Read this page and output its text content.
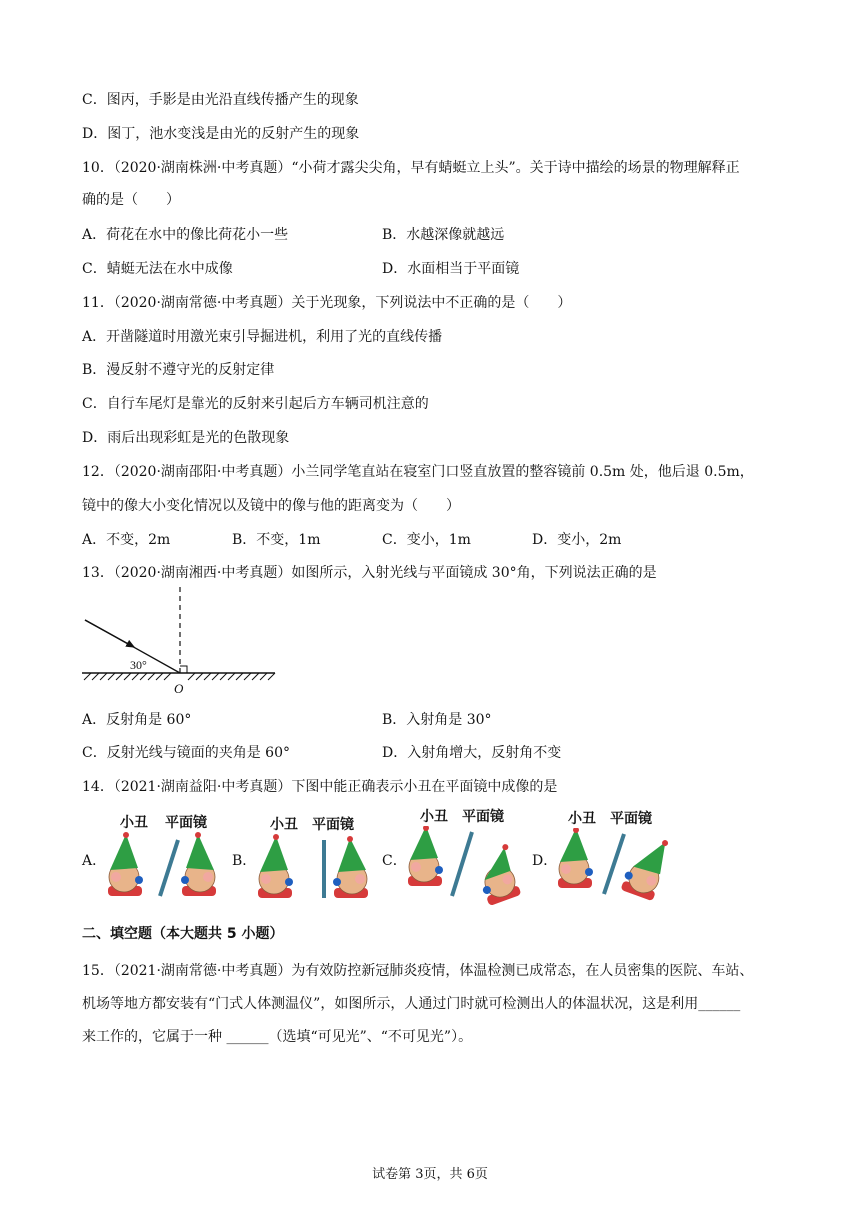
C．图丙，手影是由光沿直线传播产生的现象
D．图丁，池水变浅是由光的反射产生的现象
10．（2020·湖南株洲·中考真题）“小荷才露尖尖角，早有蜻蜓立上头”。关于诗中描绘的场景的物理解释正
确的是（　　）
A．荷花在水中的像比荷花小一些	B．水越深像就越远
C．蜻蜓无法在水中成像	D．水面相当于平面镜
11．（2020·湖南常德·中考真题）关于光现象，下列说法中不正确的是（　　）
A．开凿隧道时用激光束引导掘进机，利用了光的直线传播
B．漫反射不遵守光的反射定律
C．自行车尾灯是靠光的反射来引起后方车辆司机注意的
D．雨后出现彩虹是光的色散现象
12．（2020·湖南邵阳·中考真题）小兰同学笔直站在寝室门口竖直放置的整容镜前 0.5m 处，他后退 0.5m，
镜中的像大小变化情况以及镜中的像与他的距离变为（　　）
A．不变，2m	B．不变，1m	C．变小，1m	D．变小，2m
13．（2020·湖南湘西·中考真题）如图所示，入射光线与平面镜成 30°角，下列说法正确的是
30°
O
A．反射角是 60°	B．入射角是 30°
C．反射光线与镜面的夹角是 60°	D．入射角增大，反射角不变
14．（2021·湖南益阳·中考真题）下图中能正确表示小丑在平面镜中成像的是
A．	B．	C．	D．
小丑 平面镜	小丑 平面镜	小丑 平面镜	小丑 平面镜
二、填空题（本大题共 5 小题）
15．（2021·湖南常德·中考真题）为有效防控新冠肺炎疫情，体温检测已成常态，在人员密集的医院、车站、
机场等地方都安装有“门式人体测温仪”，如图所示，人通过门时就可检测出人的体温状况，这是利用______
来工作的，它属于一种 ______（选填“可见光”、“不可见光”）。
试卷第 3页，共 6页
